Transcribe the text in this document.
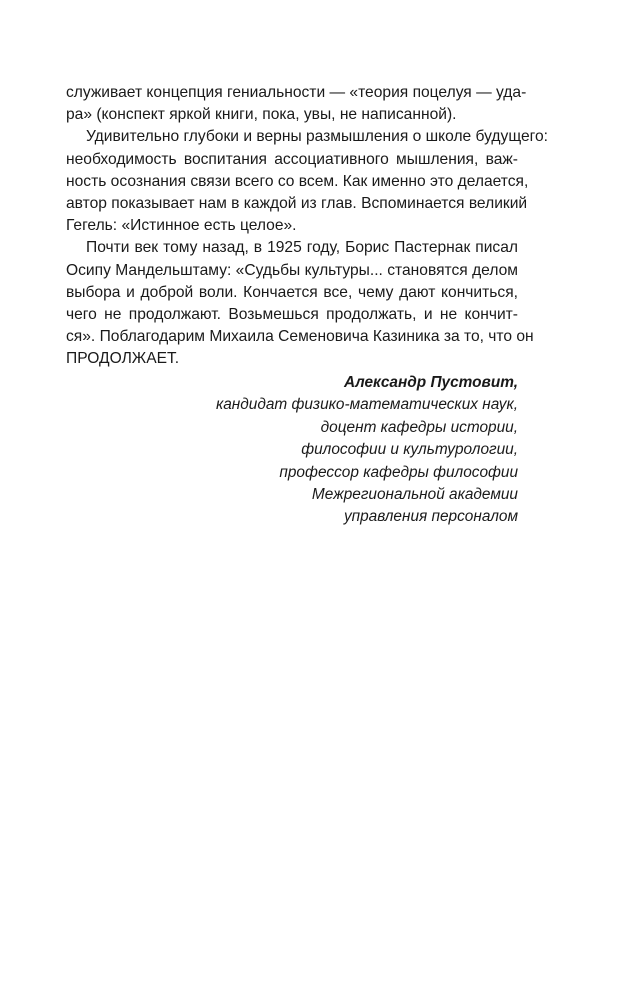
служивает концепция гениальности — «теория поцелуя — уда-
ра» (конспект яркой книги, пока, увы, не написанной).
Удивительно глубоки и верны размышления о школе будущего:
необходимость воспитания ассоциативного мышления, важ-
ность осознания связи всего со всем. Как именно это делается,
автор показывает нам в каждой из глав. Вспоминается великий
Гегель: «Истинное есть целое».
Почти век тому назад, в 1925 году, Борис Пастернак писал
Осипу Мандельштаму: «Судьбы культуры... становятся делом
выбора и доброй воли. Кончается все, чему дают кончиться,
чего не продолжают. Возьмешься продолжать, и не кончит-
ся». Поблагодарим Михаила Семеновича Казиника за то, что он
ПРОДОЛЖАЕТ.
Александр Пустовит,
кандидат физико-математических наук,
доцент кафедры истории,
философии и культурологии,
профессор кафедры философии
Межрегиональной академии
управления персоналом
